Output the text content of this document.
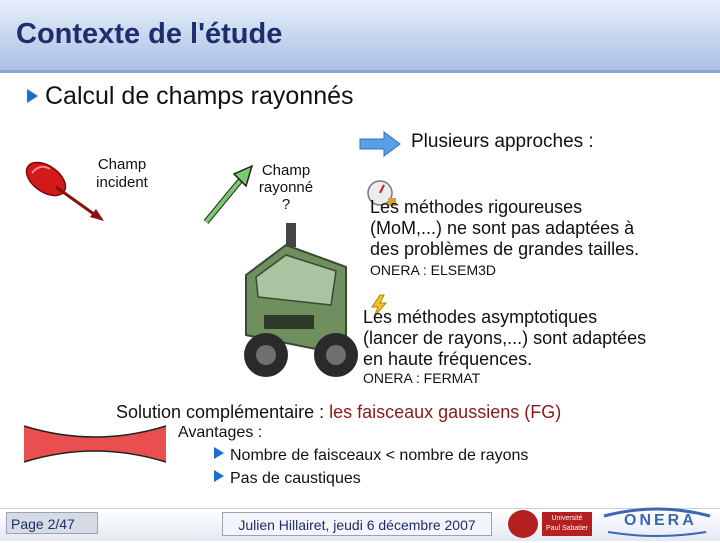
Contexte de l'étude
Calcul de champs rayonnés
Champ
incident
Champ
rayonné
?
Plusieurs approches :
Les méthodes rigoureuses
(MoM,...) ne sont pas adaptées à
des problèmes de grandes tailles.
ONERA : ELSEM3D
Les méthodes asymptotiques
(lancer de rayons,...) sont adaptées
en haute fréquences.
ONERA : FERMAT
Solution complémentaire : les faisceaux gaussiens (FG)
Avantages :
Nombre de faisceaux < nombre de rayons
Pas de caustiques
Page 2/47	Julien Hillairet, jeudi 6 décembre 2007	Université
Paul Sabatier ONERA
